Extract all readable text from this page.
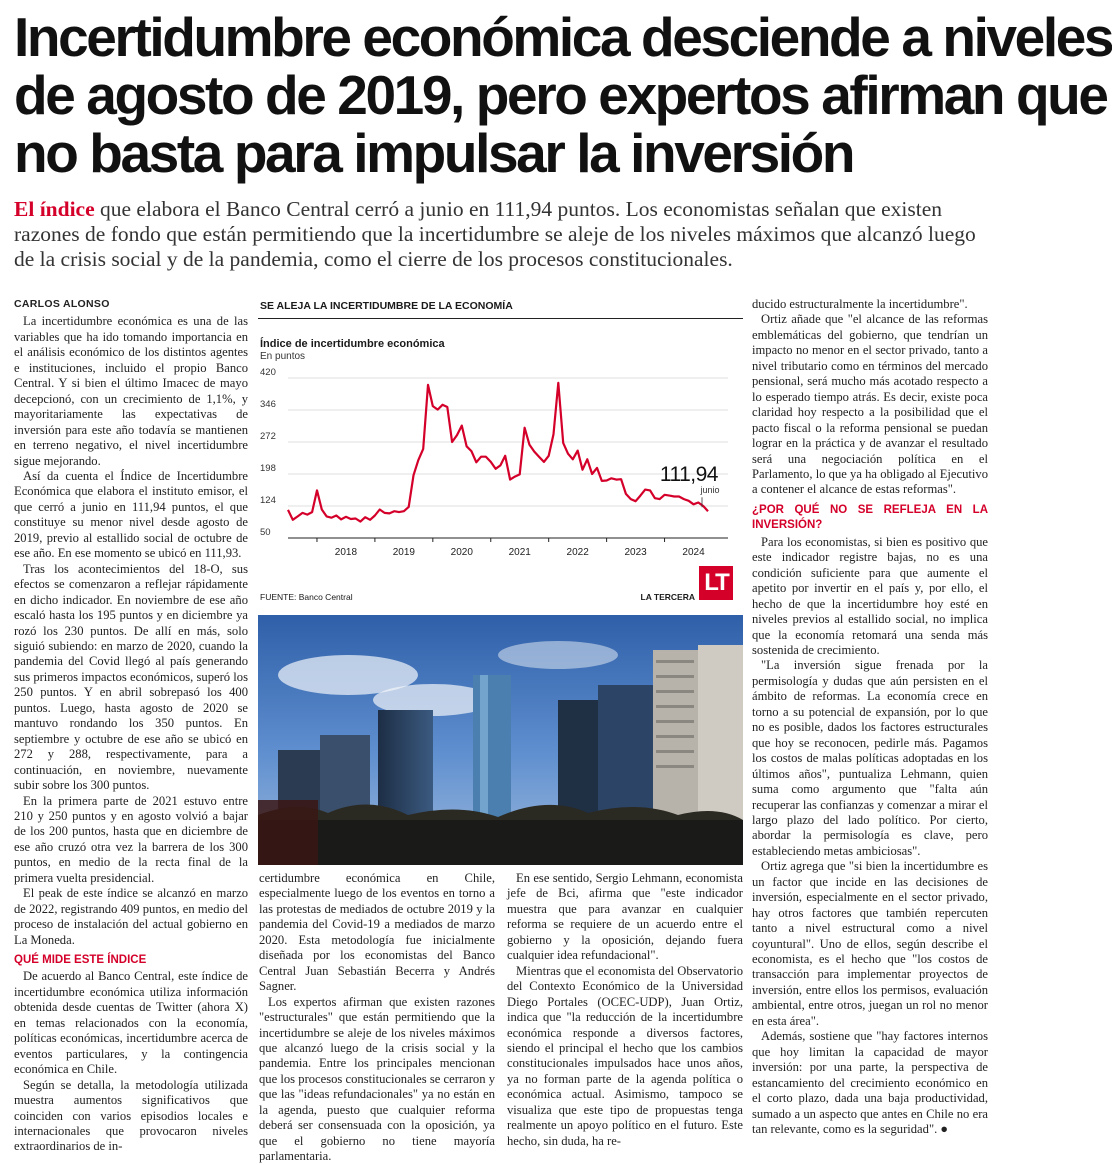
Incertidumbre económica desciende a niveles
de agosto de 2019, pero expertos afirman que
no basta para impulsar la inversión
El índice que elabora el Banco Central cerró a junio en 111,94 puntos. Los economistas señalan que existen razones de fondo que están permitiendo que la incertidumbre se aleje de los niveles máximos que alcanzó luego de la crisis social y de la pandemia, como el cierre de los procesos constitucionales.

CARLOS ALONSO

La incertidumbre económica es una de las variables que ha ido tomando importancia en el análisis económico de los distintos agentes e instituciones, incluido el propio Banco Central. Y si bien el último Imacec de mayo decepcionó, con un crecimiento de 1,1%, y mayoritariamente las expectativas de inversión para este año todavía se mantienen en terreno negativo, el nivel incertidumbre sigue mejorando.

Así da cuenta el Índice de Incertidumbre Económica que elabora el instituto emisor, el que cerró a junio en 111,94 puntos, el que constituye su menor nivel desde agosto de 2019, previo al estallido social de octubre de ese año. En ese momento se ubicó en 111,93.

Tras los acontecimientos del 18-O, sus efectos se comenzaron a reflejar rápidamente en dicho indicador. En noviembre de ese año escaló hasta los 195 puntos y en diciembre ya rozó los 230 puntos. De allí en más, solo siguió subiendo: en marzo de 2020, cuando la pandemia del Covid llegó al país generando sus primeros impactos económicos, superó los 250 puntos. Y en abril sobrepasó los 400 puntos. Luego, hasta agosto de 2020 se mantuvo rondando los 350 puntos. En septiembre y octubre de ese año se ubicó en 272 y 288, respectivamente, para a continuación, en noviembre, nuevamente subir sobre los 300 puntos.

En la primera parte de 2021 estuvo entre 210 y 250 puntos y en agosto volvió a bajar de los 200 puntos, hasta que en diciembre de ese año cruzó otra vez la barrera de los 300 puntos, en medio de la recta final de la primera vuelta presidencial.

El peak de este índice se alcanzó en marzo de 2022, registrando 409 puntos, en medio del proceso de instalación del actual gobierno en La Moneda.

QUÉ MIDE ESTE ÍNDICE

De acuerdo al Banco Central, este índice de incertidumbre económica utiliza información obtenida desde cuentas de Twitter (ahora X) en temas relacionados con la economía, políticas económicas, incertidumbre acerca de eventos particulares, y la contingencia económica en Chile.

Según se detalla, la metodología utilizada muestra aumentos significativos que coinciden con varios episodios locales e internacionales que provocaron niveles extraordinarios de in-

SE ALEJA LA INCERTIDUMBRE DE LA ECONOMÍA
Índice de incertidumbre económica
En puntos
50
124
198
272
346
420
2018	2019	2020	2021	2022	2023	2024
111,94
junio
FUENTE: Banco Central	LA TERCERA
LT

certidumbre económica en Chile, especialmente luego de los eventos en torno a las protestas de mediados de octubre 2019 y la pandemia del Covid-19 a mediados de marzo 2020. Esta metodología fue inicialmente diseñada por los economistas del Banco Central Juan Sebastián Becerra y Andrés Sagner.

Los expertos afirman que existen razones "estructurales" que están permitiendo que la incertidumbre se aleje de los niveles máximos que alcanzó luego de la crisis social y la pandemia. Entre los principales mencionan que los procesos constitucionales se cerraron y que las "ideas refundacionales" ya no están en la agenda, puesto que cualquier reforma deberá ser consensuada con la oposición, ya que el gobierno no tiene mayoría parlamentaria.

En ese sentido, Sergio Lehmann, economista jefe de Bci, afirma que "este indicador muestra que para avanzar en cualquier reforma se requiere de un acuerdo entre el gobierno y la oposición, dejando fuera cualquier idea refundacional".

Mientras que el economista del Observatorio del Contexto Económico de la Universidad Diego Portales (OCEC-UDP), Juan Ortiz, indica que "la reducción de la incertidumbre económica responde a diversos factores, siendo el principal el hecho que los cambios constitucionales impulsados hace unos años, ya no forman parte de la agenda política o económica actual. Asimismo, tampoco se visualiza que este tipo de propuestas tenga realmente un apoyo político en el futuro. Este hecho, sin duda, ha re-

ducido estructuralmente la incertidumbre".

Ortiz añade que "el alcance de las reformas emblemáticas del gobierno, que tendrían un impacto no menor en el sector privado, tanto a nivel tributario como en términos del mercado pensional, será mucho más acotado respecto a lo esperado tiempo atrás. Es decir, existe poca claridad hoy respecto a la posibilidad que el pacto fiscal o la reforma pensional se puedan lograr en la práctica y de avanzar el resultado será una negociación política en el Parlamento, lo que ya ha obligado al Ejecutivo a contener el alcance de estas reformas".

¿POR QUÉ NO SE REFLEJA EN LA INVERSIÓN?

Para los economistas, si bien es positivo que este indicador registre bajas, no es una condición suficiente para que aumente el apetito por invertir en el país y, por ello, el hecho de que la incertidumbre hoy esté en niveles previos al estallido social, no implica que la economía retomará una senda más sostenida de crecimiento.

"La inversión sigue frenada por la permisología y dudas que aún persisten en el ámbito de reformas. La economía crece en torno a su potencial de expansión, por lo que no es posible, dados los factores estructurales que hoy se reconocen, pedirle más. Pagamos los costos de malas políticas adoptadas en los últimos años", puntualiza Lehmann, quien suma como argumento que "falta aún recuperar las confianzas y comenzar a mirar el largo plazo del lado político. Por cierto, abordar la permisología es clave, pero estableciendo metas ambiciosas".

Ortiz agrega que "si bien la incertidumbre es un factor que incide en las decisiones de inversión, especialmente en el sector privado, hay otros factores que también repercuten tanto a nivel estructural como a nivel coyuntural". Uno de ellos, según describe el economista, es el hecho que "los costos de transacción para implementar proyectos de inversión, entre ellos los permisos, evaluación ambiental, entre otros, juegan un rol no menor en esta área".

Además, sostiene que "hay factores internos que hoy limitan la capacidad de mayor inversión: por una parte, la perspectiva de estancamiento del crecimiento económico en el corto plazo, dada una baja productividad, sumado a un aspecto que antes en Chile no era tan relevante, como es la seguridad". ●
